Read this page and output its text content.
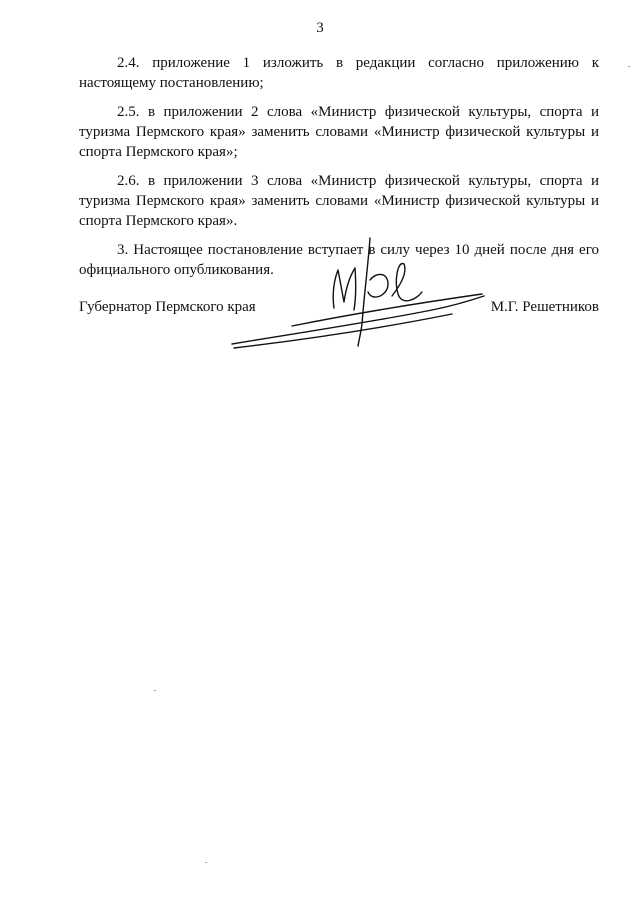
3

2.4. приложение 1 изложить в редакции согласно приложению к настоящему постановлению;

2.5. в приложении 2 слова «Министр физической культуры, спорта и туризма Пермского края» заменить словами «Министр физической культуры и спорта Пермского края»;

2.6. в приложении 3 слова «Министр физической культуры, спорта и туризма Пермского края» заменить словами «Министр физической культуры и спорта Пермского края».

3. Настоящее постановление вступает в силу через 10 дней после дня его официального опубликования.

Губернатор Пермского края	М.Г. Решетников
